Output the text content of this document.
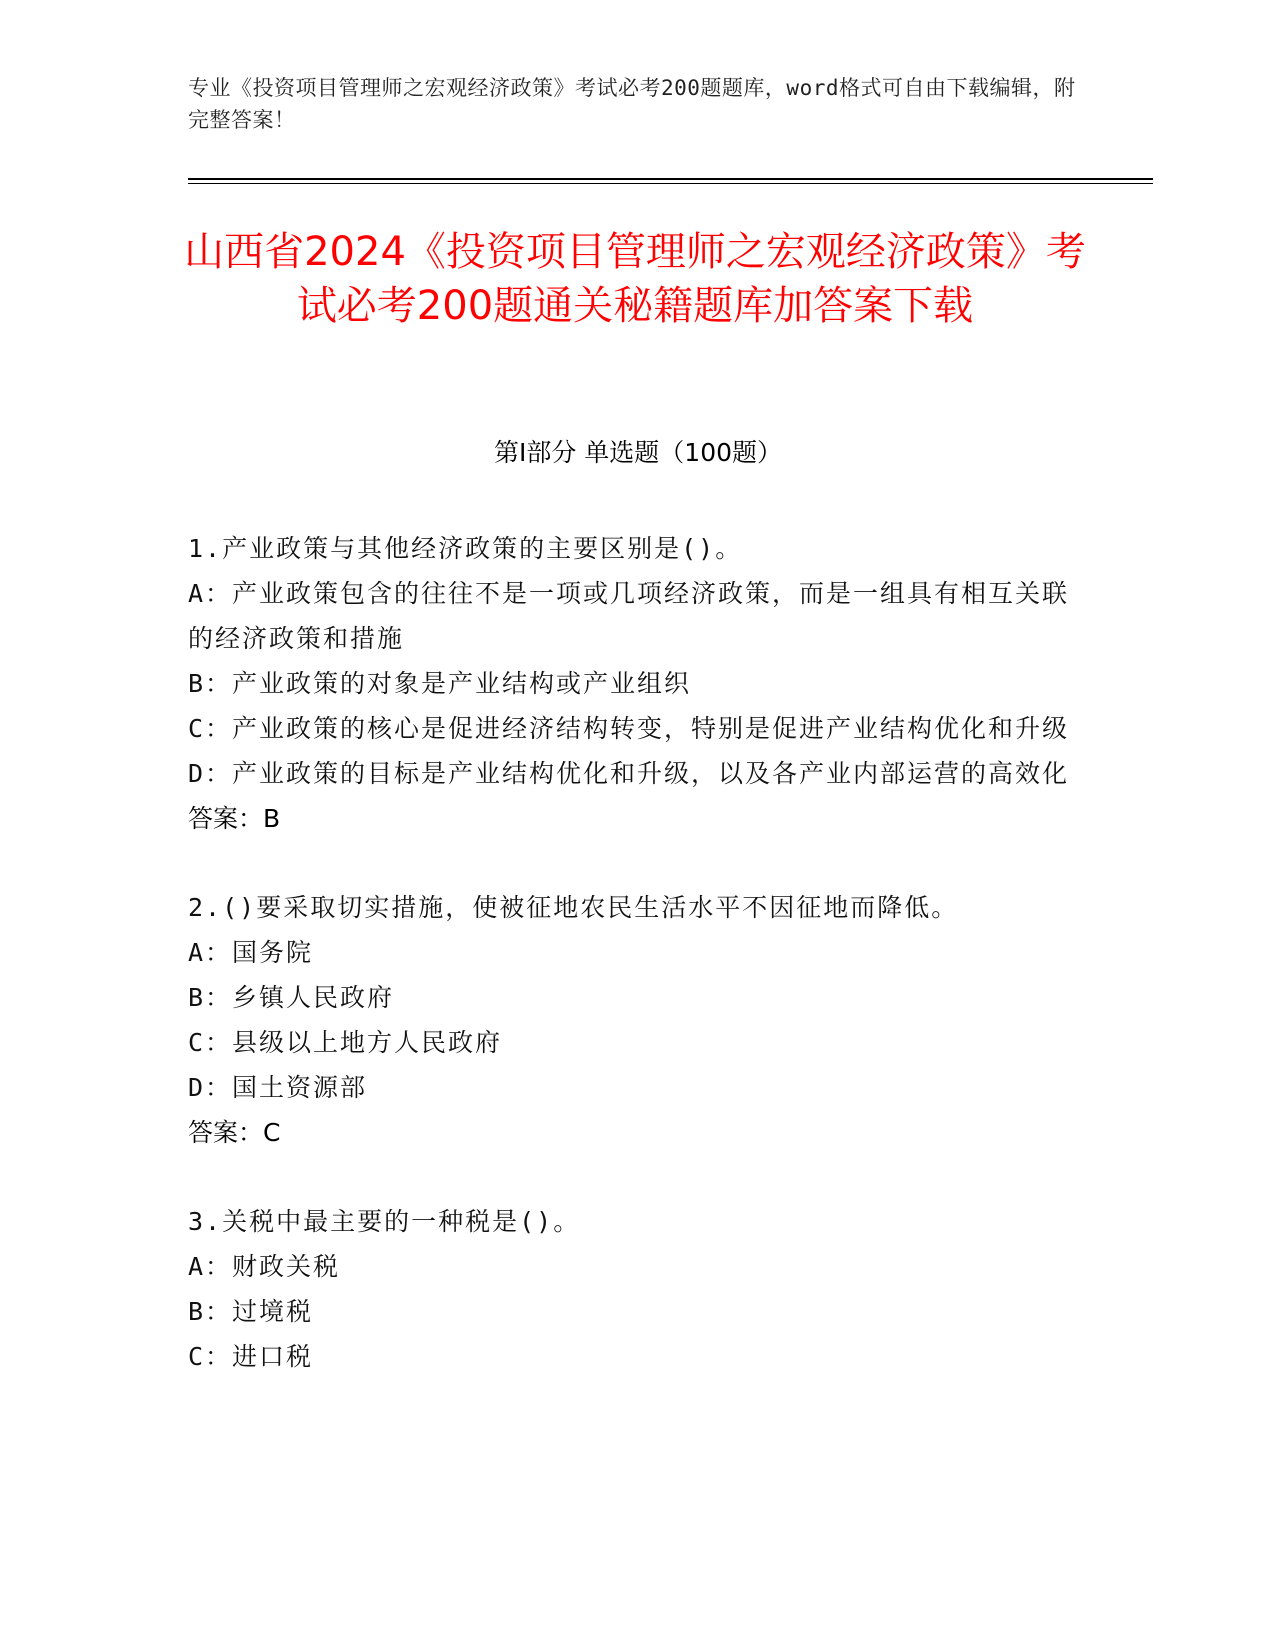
专业《投资项目管理师之宏观经济政策》考试必考200题题库，word格式可自由下载编辑，附完整答案！
山西省2024《投资项目管理师之宏观经济政策》考试必考200题通关秘籍题库加答案下载
第I部分 单选题（100题）

1.产业政策与其他经济政策的主要区别是()。

A：产业政策包含的往往不是一项或几项经济政策，而是一组具有相互关联的经济政策和措施

B：产业政策的对象是产业结构或产业组织

C：产业政策的核心是促进经济结构转变，特别是促进产业结构优化和升级

D：产业政策的目标是产业结构优化和升级，以及各产业内部运营的高效化

答案：B

2.()要采取切实措施，使被征地农民生活水平不因征地而降低。

A：国务院

B：乡镇人民政府

C：县级以上地方人民政府

D：国土资源部

答案：C

3.关税中最主要的一种税是()。

A：财政关税

B：过境税

C：进口税
